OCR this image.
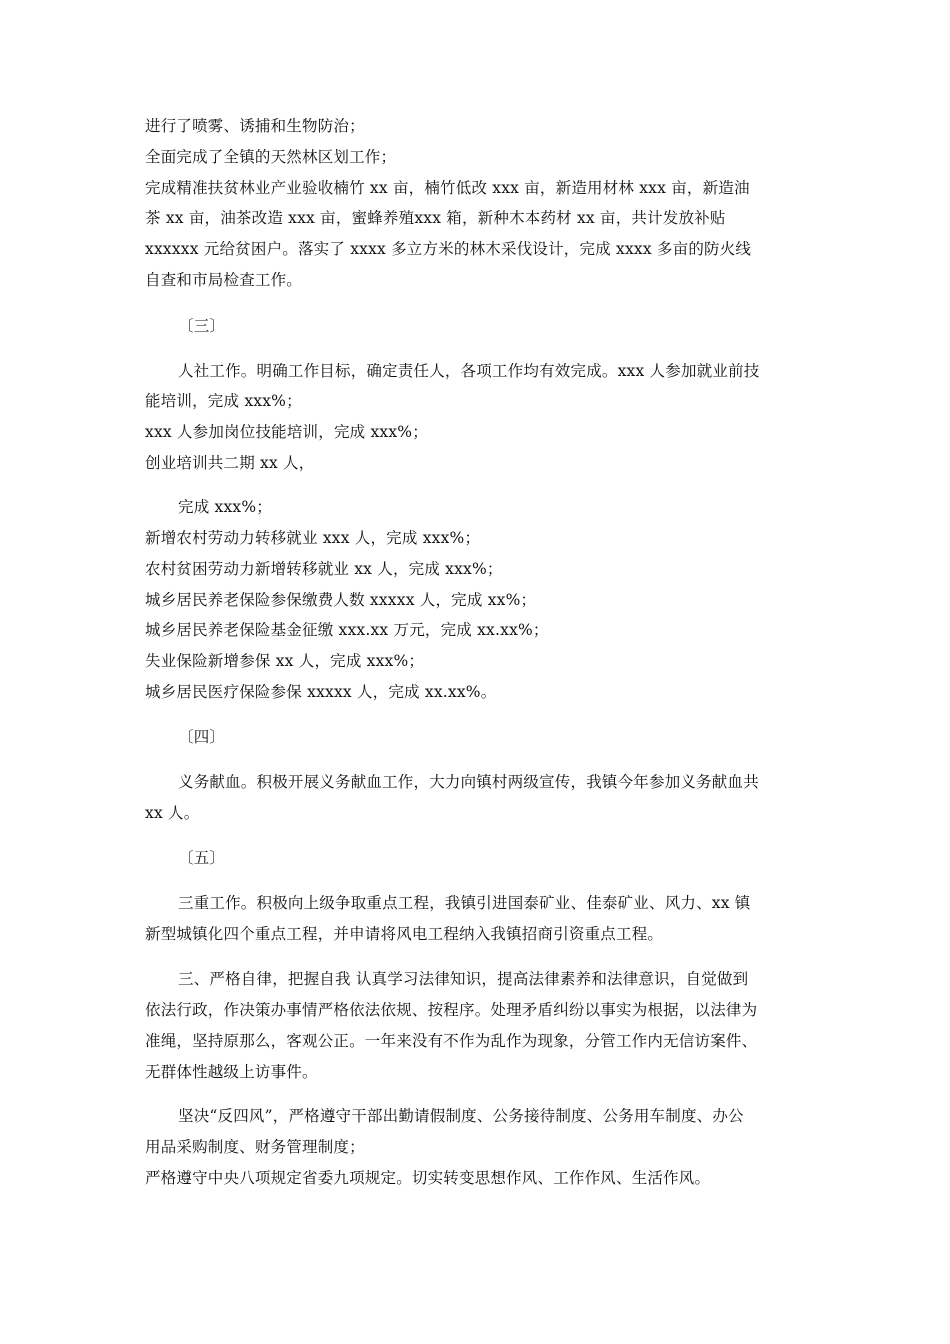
进行了喷雾、诱捕和生物防治；
全面完成了全镇的天然林区划工作；
完成精准扶贫林业产业验收楠竹 xx 亩，楠竹低改 xxx 亩，新造用材林 xxx 亩，新造油
茶 xx 亩，油茶改造 xxx 亩，蜜蜂养殖xxx 箱，新种木本药材 xx 亩，共计发放补贴
xxxxxx 元给贫困户。落实了 xxxx 多立方米的林木采伐设计，完成 xxxx 多亩的防火线
自查和市局检查工作。
〔三〕
人社工作。明确工作目标，确定责任人，各项工作均有效完成。xxx 人参加就业前技
能培训，完成 xxx%；
xxx 人参加岗位技能培训，完成 xxx%；
创业培训共二期 xx 人，
完成 xxx%；
新增农村劳动力转移就业 xxx 人，完成 xxx%；
农村贫困劳动力新增转移就业 xx 人，完成 xxx%；
城乡居民养老保险参保缴费人数 xxxxx 人，完成 xx%；
城乡居民养老保险基金征缴 xxx.xx 万元，完成 xx.xx%；
失业保险新增参保 xx 人，完成 xxx%；
城乡居民医疗保险参保 xxxxx 人，完成 xx.xx%。
〔四〕
义务献血。积极开展义务献血工作，大力向镇村两级宣传，我镇今年参加义务献血共
xx 人。
〔五〕
三重工作。积极向上级争取重点工程，我镇引进国泰矿业、佳泰矿业、风力、xx 镇
新型城镇化四个重点工程，并申请将风电工程纳入我镇招商引资重点工程。
三、严格自律，把握自我 认真学习法律知识，提高法律素养和法律意识，自觉做到
依法行政，作决策办事情严格依法依规、按程序。处理矛盾纠纷以事实为根据，以法律为
准绳，坚持原那么，客观公正。一年来没有不作为乱作为现象，分管工作内无信访案件、
无群体性越级上访事件。
坚决“反四风”，严格遵守干部出勤请假制度、公务接待制度、公务用车制度、办公
用品采购制度、财务管理制度；
严格遵守中央八项规定省委九项规定。切实转变思想作风、工作作风、生活作风。
